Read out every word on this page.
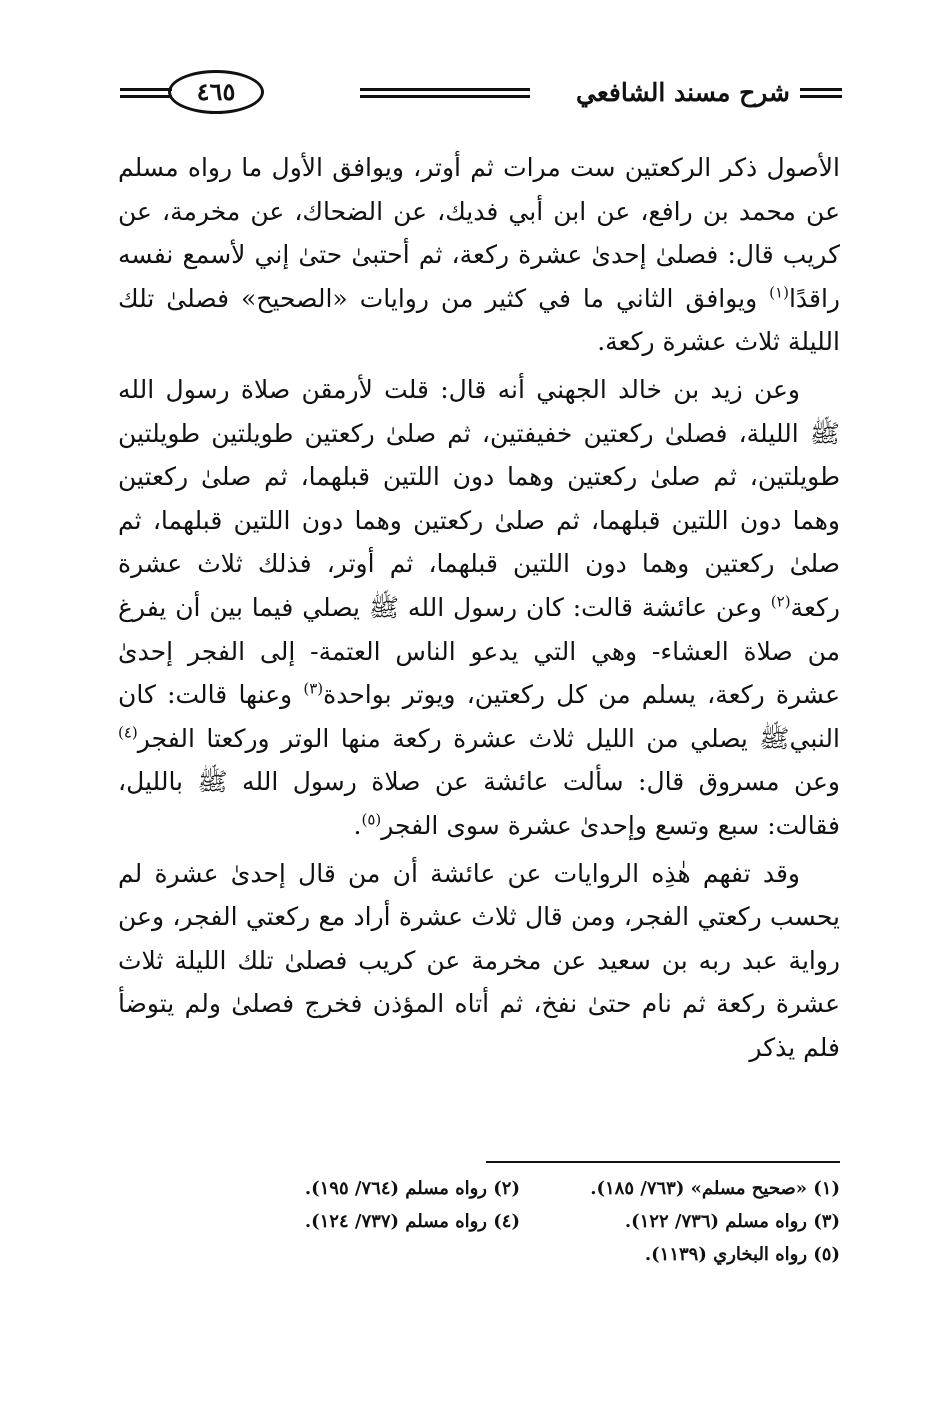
شرح مسند الشافعي
٤٦٥

الأصول ذكر الركعتين ست مرات ثم أوتر، ويوافق الأول ما رواه مسلم عن محمد بن رافع، عن ابن أبي فديك، عن الضحاك، عن مخرمة، عن كريب قال: فصلىٰ إحدىٰ عشرة ركعة، ثم أحتبىٰ حتىٰ إني لأسمع نفسه راقدًا$^{(١)}$ ويوافق الثاني ما في كثير من روايات «الصحيح» فصلىٰ تلك الليلة ثلاث عشرة ركعة.

وعن زيد بن خالد الجهني أنه قال: قلت لأرمقن صلاة رسول الله ﷺ الليلة، فصلىٰ ركعتين خفيفتين، ثم صلىٰ ركعتين طويلتين طويلتين طويلتين، ثم صلىٰ ركعتين وهما دون اللتين قبلهما، ثم صلىٰ ركعتين وهما دون اللتين قبلهما، ثم صلىٰ ركعتين وهما دون اللتين قبلهما، ثم صلىٰ ركعتين وهما دون اللتين قبلهما، ثم أوتر، فذلك ثلاث عشرة ركعة$^{(٢)}$ وعن عائشة قالت: كان رسول الله ﷺ يصلي فيما بين أن يفرغ من صلاة العشاء- وهي التي يدعو الناس العتمة- إلى الفجر إحدىٰ عشرة ركعة، يسلم من كل ركعتين، ويوتر بواحدة$^{(٣)}$ وعنها قالت: كان النبيﷺ يصلي من الليل ثلاث عشرة ركعة منها الوتر وركعتا الفجر$^{(٤)}$ وعن مسروق قال: سألت عائشة عن صلاة رسول الله ﷺ بالليل، فقالت: سبع وتسع وإحدىٰ عشرة سوى الفجر$^{(٥)}$.

وقد تفهم هٰذِه الروايات عن عائشة أن من قال إحدىٰ عشرة لم يحسب ركعتي الفجر، ومن قال ثلاث عشرة أراد مع ركعتي الفجر، وعن رواية عبد ربه بن سعيد عن مخرمة عن كريب فصلىٰ تلك الليلة ثلاث عشرة ركعة ثم نام حتىٰ نفخ، ثم أتاه المؤذن فخرج فصلىٰ ولم يتوضأ فلم يذكر

(١) «صحيح مسلم» (٧٦٣/ ١٨٥).
(٢) رواه مسلم (٧٦٤/ ١٩٥).
(٣) رواه مسلم (٧٣٦/ ١٢٢).
(٤) رواه مسلم (٧٣٧/ ١٢٤).
(٥) رواه البخاري (١١٣٩).
